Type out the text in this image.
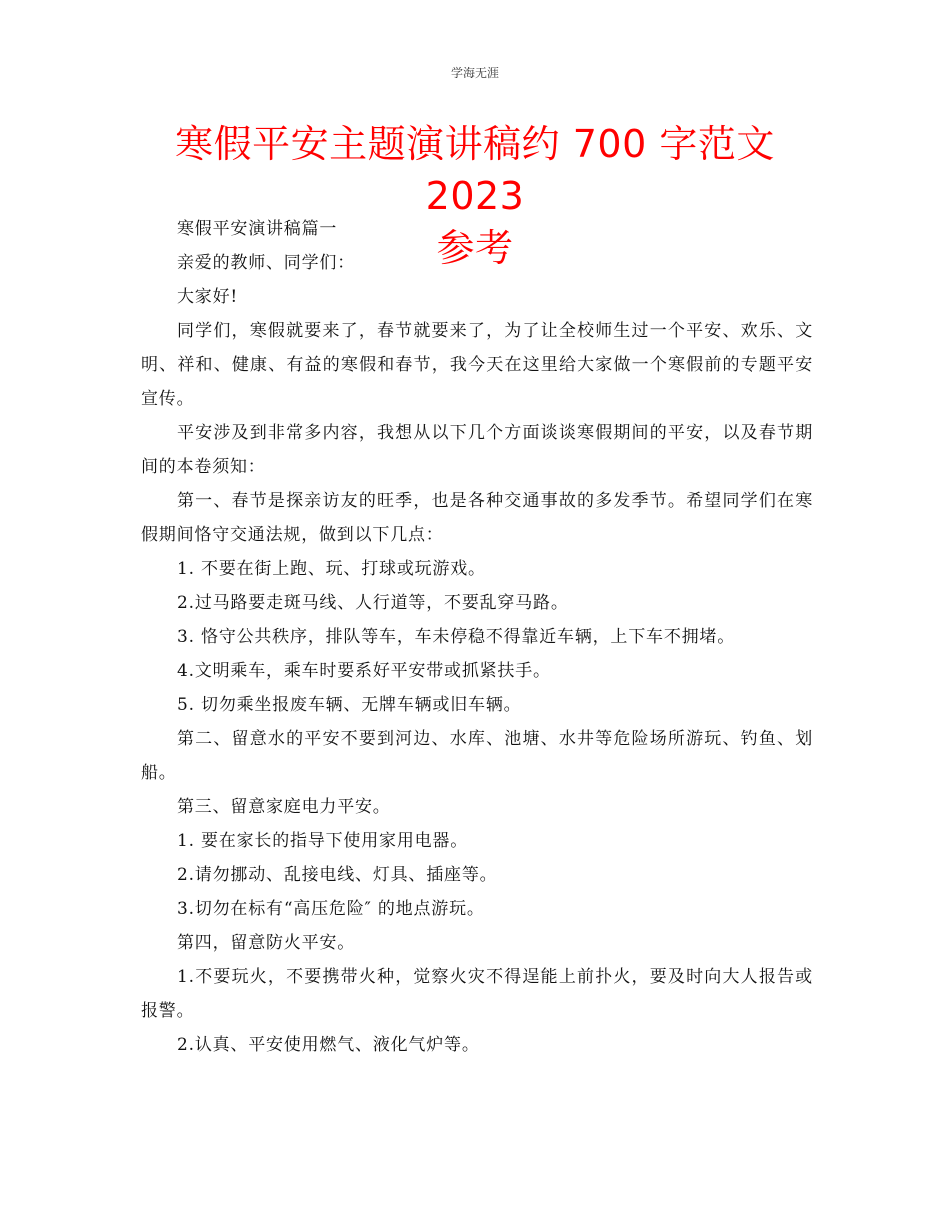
学海无涯
寒假平安主题演讲稿约 700 字范文 2023
参考

寒假平安演讲稿篇一

亲爱的教师、同学们：

大家好!

同学们，寒假就要来了，春节就要来了，为了让全校师生过一个平安、欢乐、文明、祥和、健康、有益的寒假和春节，我今天在这里给大家做一个寒假前的专题平安宣传。

平安涉及到非常多内容，我想从以下几个方面谈谈寒假期间的平安，以及春节期间的本卷须知：

第一、春节是探亲访友的旺季，也是各种交通事故的多发季节。希望同学们在寒假期间恪守交通法规，做到以下几点：

1. 不要在街上跑、玩、打球或玩游戏。

2.过马路要走斑马线、人行道等，不要乱穿马路。

3. 恪守公共秩序，排队等车，车未停稳不得靠近车辆，上下车不拥堵。

4.文明乘车，乘车时要系好平安带或抓紧扶手。

5. 切勿乘坐报废车辆、无牌车辆或旧车辆。

第二、留意水的平安不要到河边、水库、池塘、水井等危险场所游玩、钓鱼、划船。

第三、留意家庭电力平安。

1. 要在家长的指导下使用家用电器。

2.请勿挪动、乱接电线、灯具、插座等。

3.切勿在标有“高压危险″ 的地点游玩。

第四，留意防火平安。

1.不要玩火，不要携带火种，觉察火灾不得逞能上前扑火，要及时向大人报告或报警。

2.认真、平安使用燃气、液化气炉等。
